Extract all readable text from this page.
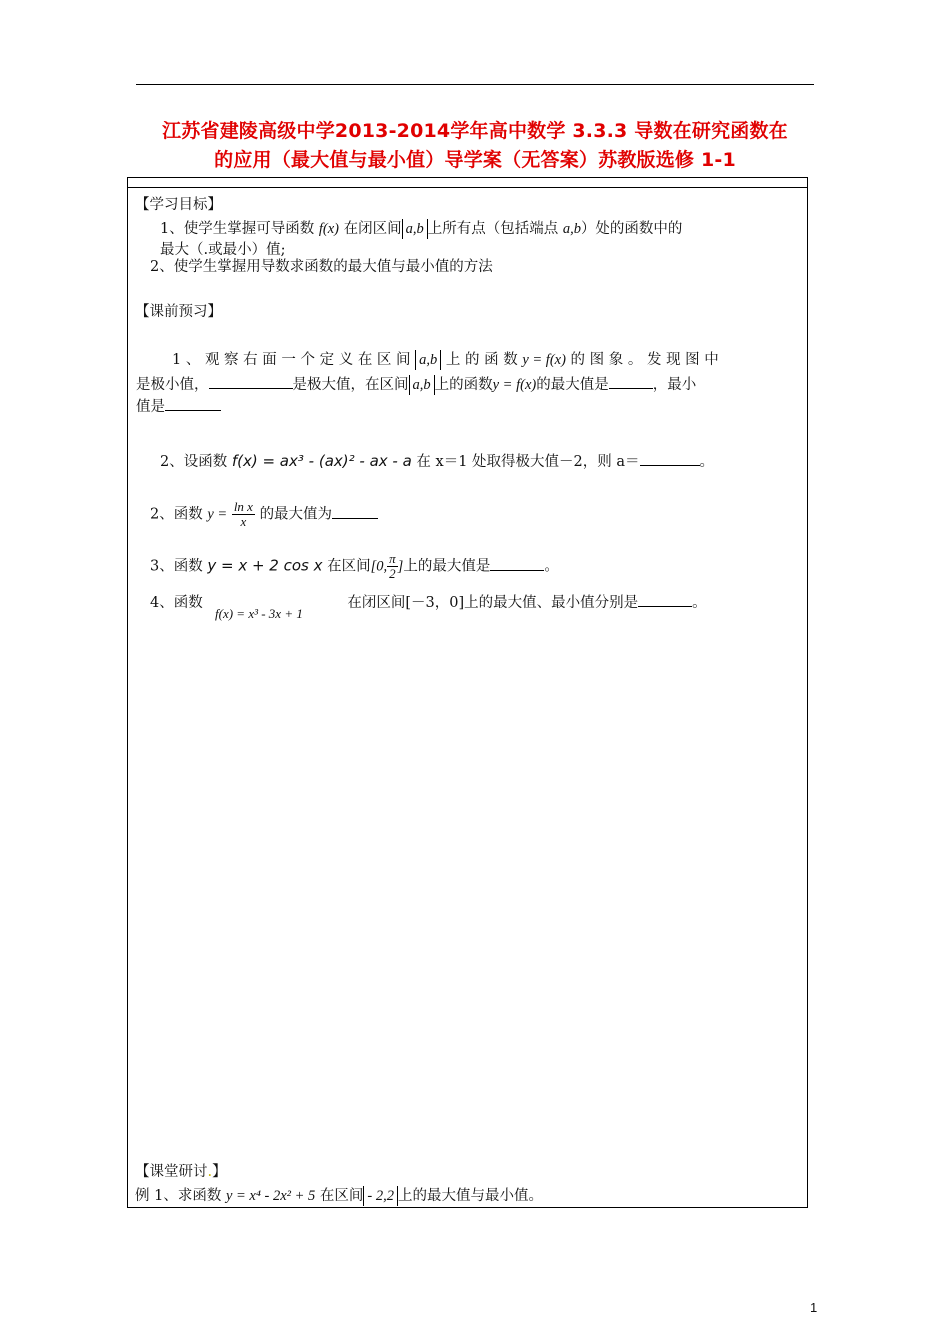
江苏省建陵高级中学2013-2014学年高中数学 3.3.3 导数在研究函数在
的应用（最大值与最小值）导学案（无答案）苏教版选修 1-1
【学习目标】
1、使学生掌握可导函数 f(x) 在闭区间 a,b 上所有点（包括端点 a,b）处的函数中的
最大（.或最小）值;
2、使学生掌握用导数求函数的最大值与最小值的方法
【课前预习】
1 、 观 察 右 面 一 个 定 义 在 区 间 a,b 上 的 函 数 y = f(x) 的 图 象 。 发 现 图 中
是极小值，	是极大值，在区间 a,b 上的函数y = f(x)的最大值是	，最小
值是
2、设函数 f(x) = ax³ - (ax)² - ax - a 在 x＝1 处取得极大值－2，则 a＝	。
2、函数 $y = \frac{\text{ln x}}{x}$ 的最大值为
3、函数 y = x + 2 cos x 在区间[0, $\frac{\pi}{2}$ ]上的最大值是	。
4、函数	在闭区间[－3，0]上的最大值、最小值分别是	。
f(x) = x³ - 3x + 1
【课堂研讨.】
例 1、求函数 y = x⁴ - 2x² + 5 在区间 - 2,2 上的最大值与最小值。
1
